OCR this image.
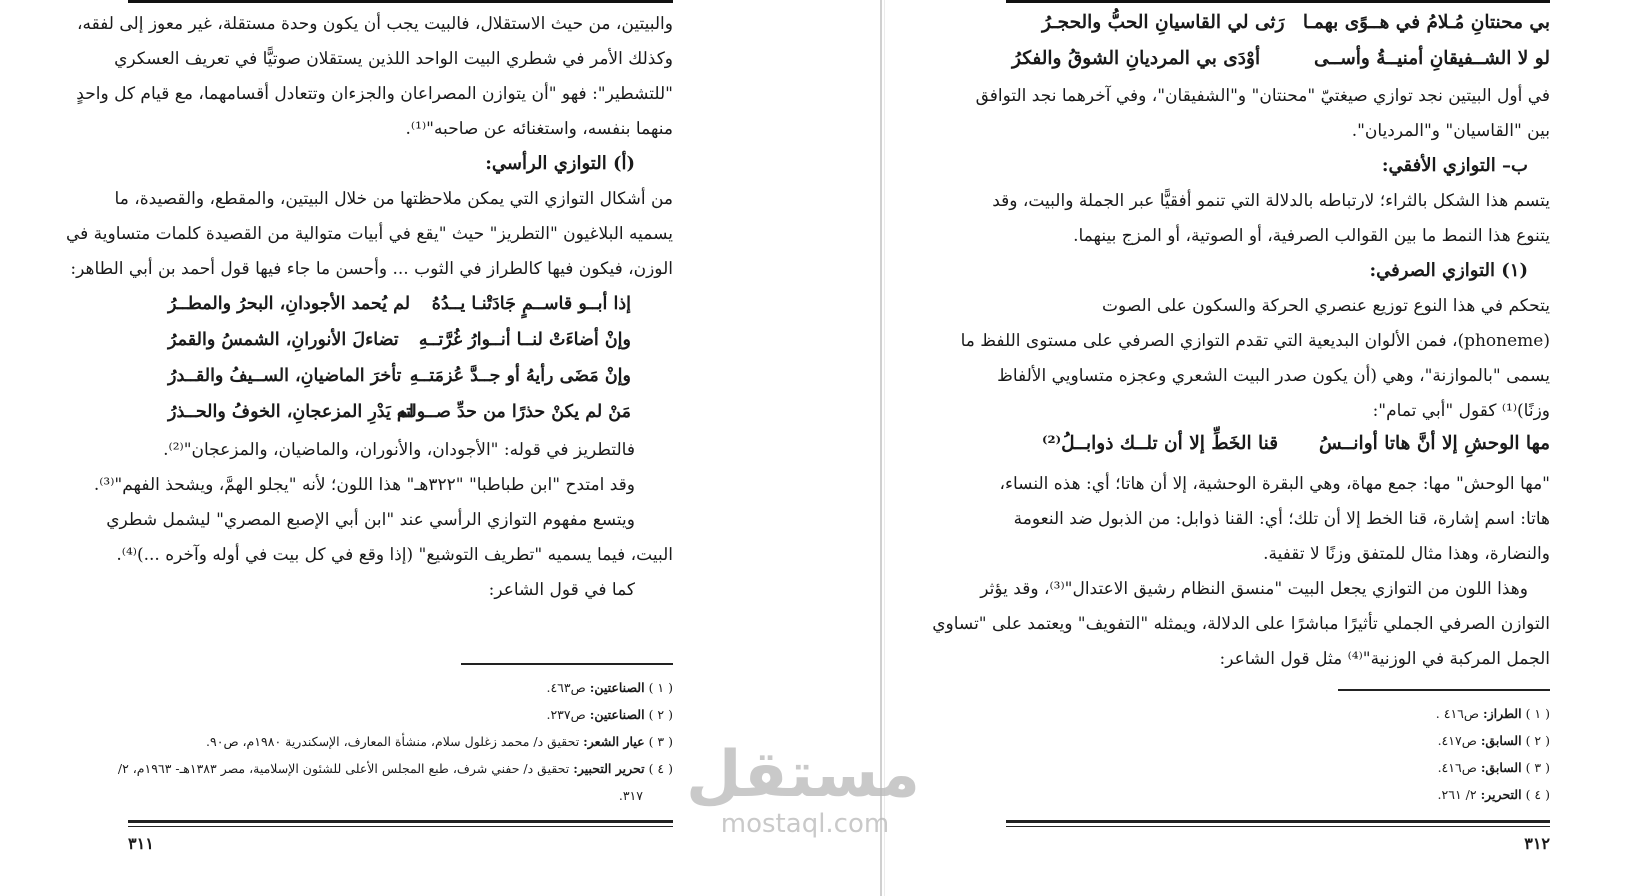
والبيتين، من حيث الاستقلال، فالبيت يجب أن يكون وحدة مستقلة، غير معوز إلى لفقه،
وكذلك الأمر في شطري البيت الواحد اللذين يستقلان صوتيًّا في تعريف العسكري
"للتشطير": فهو "أن يتوازن المصراعان والجزءان وتتعادل أقسامهما، مع قيام كل واحدٍ
منهما بنفسه، واستغنائه عن صاحبه"⁽¹⁾.
(أ) التوازي الرأسي:
من أشكال التوازي التي يمكن ملاحظتها من خلال البيتين، والمقطع، والقصيدة، ما
يسميه البلاغيون "التطريز" حيث "يقع في أبيات متوالية من القصيدة كلمات متساوية في
الوزن، فيكون فيها كالطراز في الثوب ... وأحسن ما جاء فيها قول أحمد بن أبي الطاهر:
إذا أبــو قاســمٍ جَادَتْنـا يــدُهُ
لم يُحمد الأجودانِ، البحرُ والمطــرُ
وإنْ أضاءَتْ لنــا أنــوارُ غُرَّتــهِ
تضاءلَ الأنورانِ، الشمسُ والقمرُ
وإنْ مَضَى رأيهُ أو جــدَّ عُزمَتــهِ
تأخرَ الماضيانِ، الســيفُ والقــدرُ
مَنْ لم يكنْ حذرًا من حدِّ صــولته
لم يَدْرِ المزعجانِ، الخوفُ والحــذرُ
فالتطريز في قوله: "الأجودان، والأنوران، والماضيان، والمزعجان"⁽²⁾.
وقد امتدح "ابن طباطبا" "٣٢٢هـ" هذا اللون؛ لأنه "يجلو الهمَّ، ويشحذ الفهم"⁽³⁾.
ويتسع مفهوم التوازي الرأسي عند "ابن أبي الإصبع المصري" ليشمل شطري
البيت، فيما يسميه "تطريف التوشيع" (إذا وقع في كل بيت في أوله وآخره ...)⁽⁴⁾.
كما في قول الشاعر:
( ١ ) الصناعتين: ص٤٦٣.
( ٢ ) الصناعتين: ص٢٣٧.
( ٣ ) عيار الشعر: تحقيق د/ محمد زغلول سلام، منشأة المعارف، الإسكندرية ١٩٨٠م، ص٩٠.
( ٤ ) تحرير التحبير: تحقيق د/ حفني شرف، طبع المجلس الأعلى للشئون الإسلامية، مصر ١٣٨٣هـ- ١٩٦٣م، ٢/
٣١٧.
٣١١
بي محنتانِ مُـلامُ في هــوًى بهمـا
رَثى لي القاسيانِ الحبُّ والحجـرُ
لو لا الشــفيقانِ أمنيــةُ وأســى
أوْدَى بي المرديانِ الشوقُ والفكرُ
في أول البيتين نجد توازي صيغتيّ "محنتان" و"الشفيقان"، وفي آخرهما نجد التوافق
بين "القاسيان" و"المرديان".
ب– التوازي الأفقي:
يتسم هذا الشكل بالثراء؛ لارتباطه بالدلالة التي تنمو أفقيًّا عبر الجملة والبيت، وقد
يتنوع هذا النمط ما بين القوالب الصرفية، أو الصوتية، أو المزج بينهما.
(١) التوازي الصرفي:
يتحكم في هذا النوع توزيع عنصري الحركة والسكون على الصوت
(phoneme)، فمن الألوان البديعية التي تقدم التوازي الصرفي على مستوى اللفظ ما
يسمى "بالموازنة"، وهي (أن يكون صدر البيت الشعري وعجزه متساويي الألفاظ
وزنًا)⁽¹⁾ كقول "أبي تمام":
مها الوحشِ إلا أنَّ هاتا أوانــسُ
قنا الخَطِّ إلا أن تلــك ذوابــلُ⁽²⁾
"مها الوحش" مها: جمع مهاة، وهي البقرة الوحشية، إلا أن هاتا؛ أي: هذه النساء،
هاتا: اسم إشارة، قنا الخط إلا أن تلك؛ أي: القنا ذوابل: من الذبول ضد النعومة
والنضارة، وهذا مثال للمتفق وزنًا لا تقفية.
وهذا اللون من التوازي يجعل البيت "منسق النظام رشيق الاعتدال"⁽³⁾، وقد يؤثر
التوازن الصرفي الجملي تأثيرًا مباشرًا على الدلالة، ويمثله "التفويف" ويعتمد على "تساوي
الجمل المركبة في الوزنية"⁽⁴⁾ مثل قول الشاعر:
( ١ ) الطراز: ص٤١٦ .
( ٢ ) السابق: ص٤١٧.
( ٣ ) السابق: ص٤١٦.
( ٤ ) التحرير: ٢/ ٢٦١.
٣١٢
مستقل
mostaql.com
